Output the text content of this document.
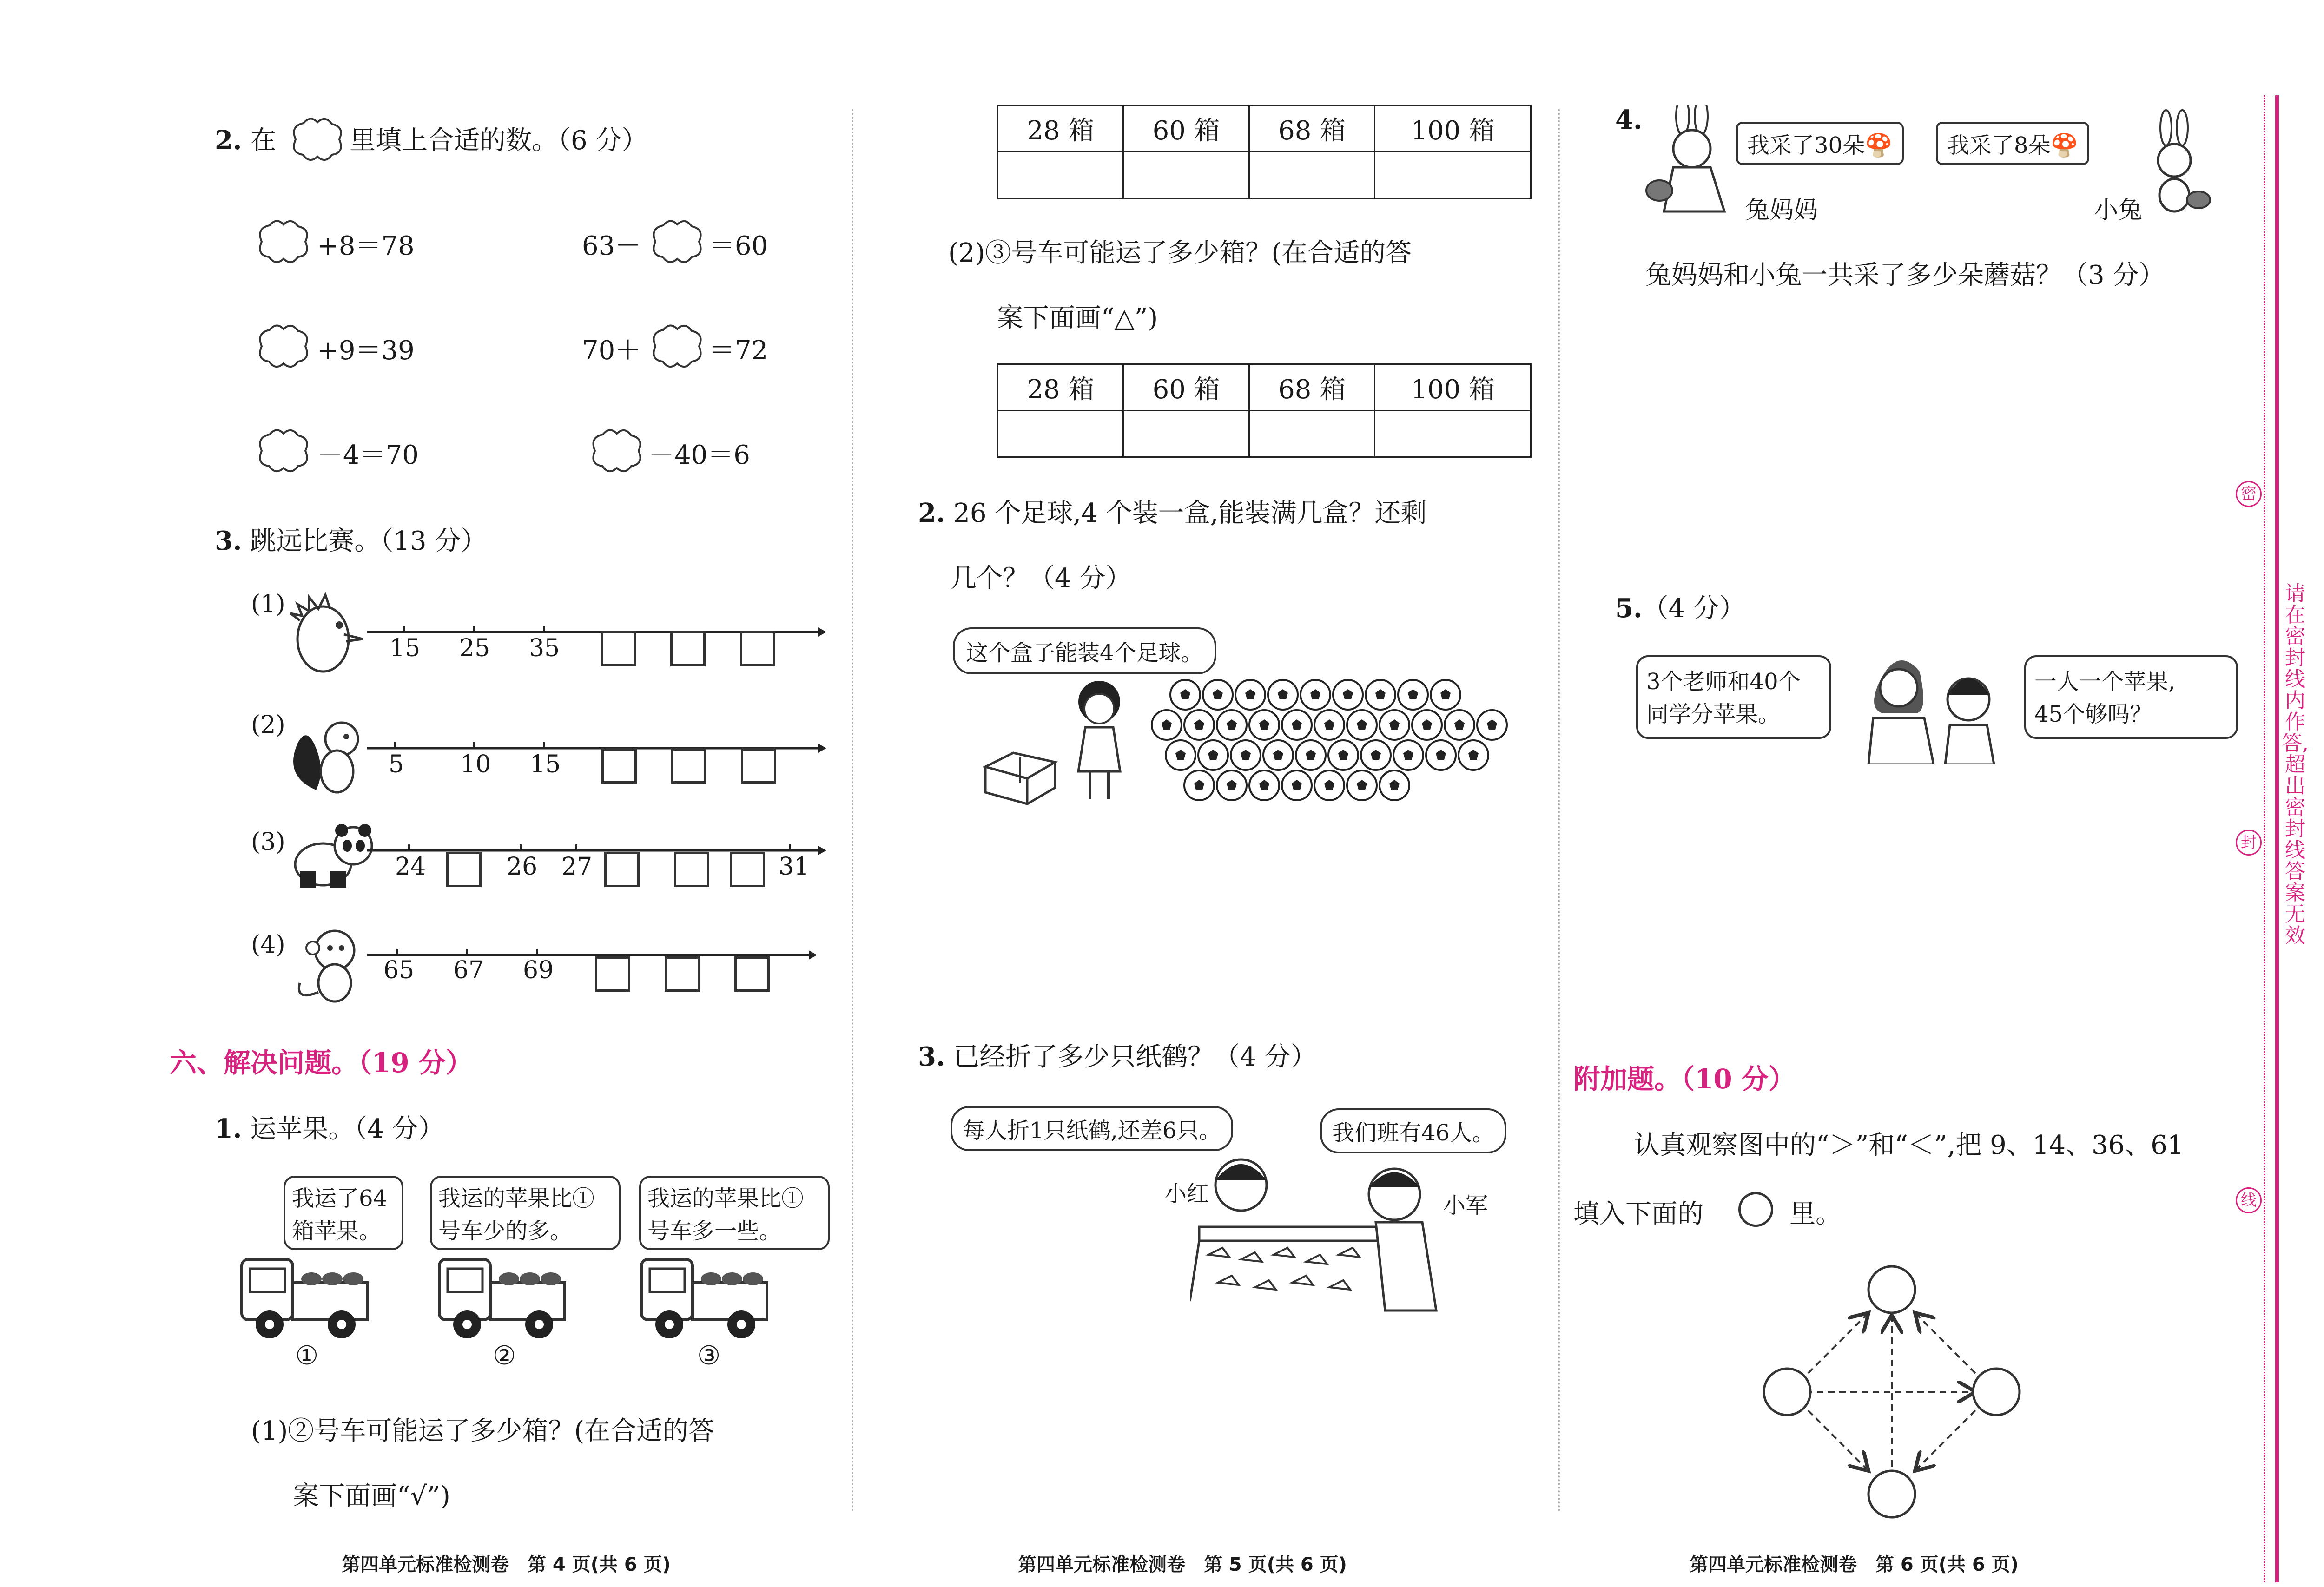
2. 在	里填上合适的数。（6 分）
+8＝78	63－	＝60
+9＝39	70＋	＝72
－4＝70	－40＝6
3. 跳远比赛。（13 分）
(1)
15 25 35
(2)
5 10 15
(3)
24	26 27	31
(4)
65 67 69
六、解决问题。（19 分）
1. 运苹果。（4 分）
我运了64
箱苹果。
我运的苹果比①
号车少的多。
我运的苹果比①
号车多一些。
①	②	③
(1)②号车可能运了多少箱？(在合适的答
案下面画“√”)
第四单元标准检测卷　第 4 页(共 6 页)
28 箱	60 箱	68 箱	100 箱

(2)③号车可能运了多少箱？(在合适的答
案下面画“△”)
28 箱	60 箱	68 箱	100 箱

2. 26 个足球,4 个装一盒,能装满几盒？还剩
几个？（4 分）
这个盒子能装4个足球。
3. 已经折了多少只纸鹤？（4 分）
每人折1只纸鹤,还差6只。	我们班有46人。
小红	小军
第四单元标准检测卷　第 5 页(共 6 页)
4.
我采了30朵🍄	我采了8朵🍄
兔妈妈	小兔
兔妈妈和小兔一共采了多少朵蘑菇？（3 分）
5.（4 分）
3个老师和40个
同学分苹果。
一人一个苹果,
45个够吗？
附加题。（10 分）
认真观察图中的“＞”和“＜”,把 9、14、36、61
填入下面的	里。
第四单元标准检测卷　第 6 页(共 6 页)
请在密封线内作答,超出密封线答案无效
密
封
线
